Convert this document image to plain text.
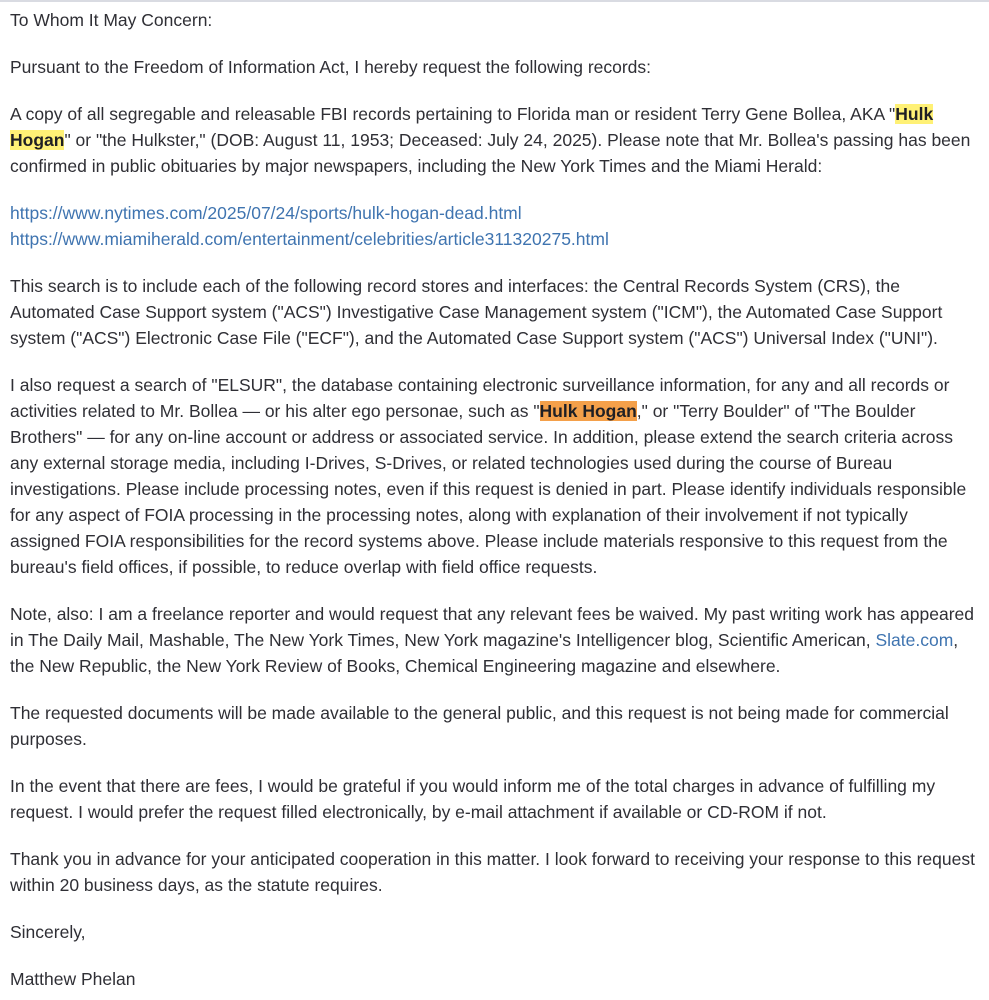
To Whom It May Concern:

Pursuant to the Freedom of Information Act, I hereby request the following records:

A copy of all segregable and releasable FBI records pertaining to Florida man or resident Terry Gene Bollea, AKA "Hulk Hogan" or "the Hulkster," (DOB: August 11, 1953; Deceased: July 24, 2025). Please note that Mr. Bollea's passing has been confirmed in public obituaries by major newspapers, including the New York Times and the Miami Herald:

https://www.nytimes.com/2025/07/24/sports/hulk-hogan-dead.html
https://www.miamiherald.com/entertainment/celebrities/article311320275.html

This search is to include each of the following record stores and interfaces: the Central Records System (CRS), the Automated Case Support system ("ACS") Investigative Case Management system ("ICM"), the Automated Case Support system ("ACS") Electronic Case File ("ECF"), and the Automated Case Support system ("ACS") Universal Index ("UNI").

I also request a search of "ELSUR", the database containing electronic surveillance information, for any and all records or activities related to Mr. Bollea — or his alter ego personae, such as "Hulk Hogan," or "Terry Boulder" of "The Boulder Brothers" — for any on-line account or address or associated service. In addition, please extend the search criteria across any external storage media, including I-Drives, S-Drives, or related technologies used during the course of Bureau investigations. Please include processing notes, even if this request is denied in part. Please identify individuals responsible for any aspect of FOIA processing in the processing notes, along with explanation of their involvement if not typically assigned FOIA responsibilities for the record systems above. Please include materials responsive to this request from the bureau's field offices, if possible, to reduce overlap with field office requests.

Note, also: I am a freelance reporter and would request that any relevant fees be waived. My past writing work has appeared in The Daily Mail, Mashable, The New York Times, New York magazine's Intelligencer blog, Scientific American, Slate.com, the New Republic, the New York Review of Books, Chemical Engineering magazine and elsewhere.

The requested documents will be made available to the general public, and this request is not being made for commercial purposes.

In the event that there are fees, I would be grateful if you would inform me of the total charges in advance of fulfilling my request. I would prefer the request filled electronically, by e-mail attachment if available or CD-ROM if not.

Thank you in advance for your anticipated cooperation in this matter. I look forward to receiving your response to this request within 20 business days, as the statute requires.

Sincerely,

Matthew Phelan
